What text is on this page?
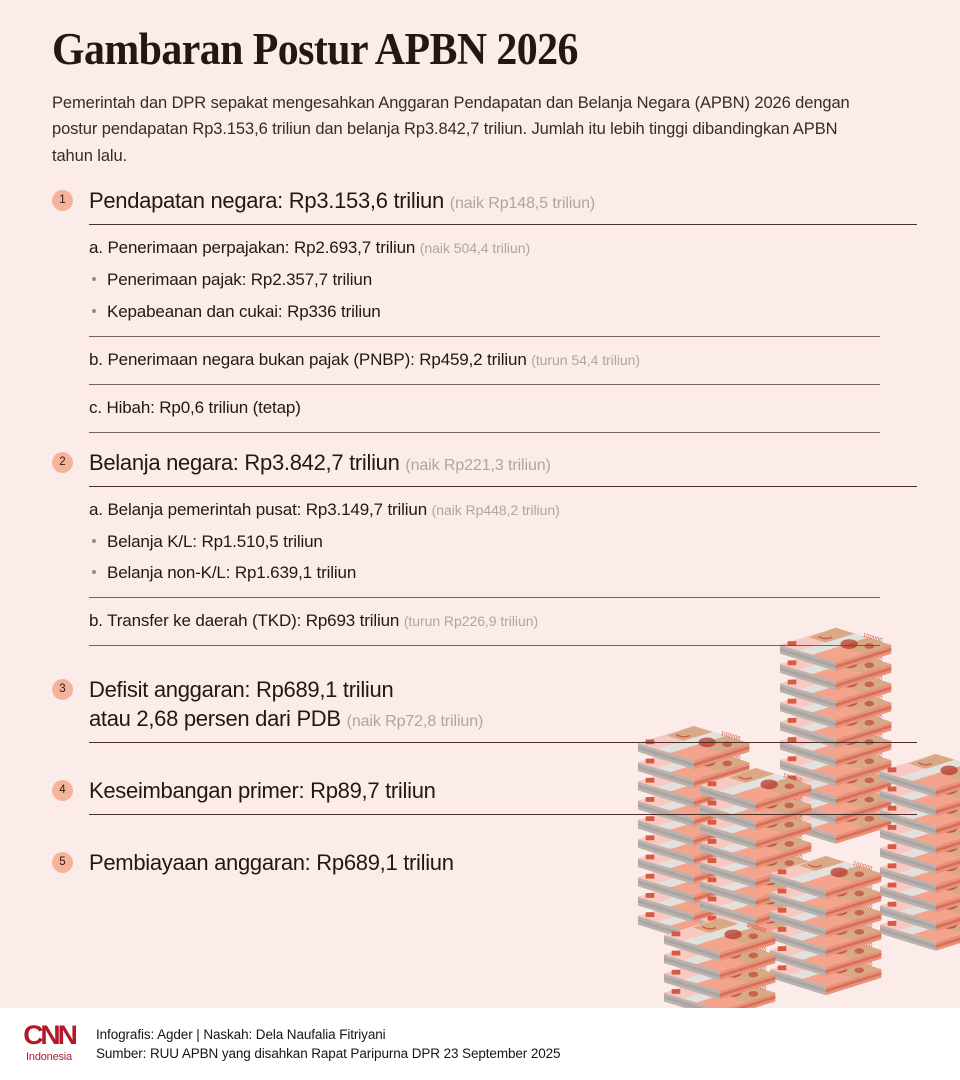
100000
Gambaran Postur APBN 2026

Pemerintah dan DPR sepakat mengesahkan Anggaran Pendapatan dan Belanja Negara (APBN) 2026 dengan postur pendapatan Rp3.153,6 triliun dan belanja Rp3.842,7 triliun. Jumlah itu lebih tinggi dibandingkan APBN tahun lalu.

1	Pendapatan negara: Rp3.153,6 triliun (naik Rp148,5 triliun)
a. Penerimaan perpajakan: Rp2.693,7 triliun (naik 504,4 triliun)
Penerimaan pajak: Rp2.357,7 triliun
Kepabeanan dan cukai: Rp336 triliun
b. Penerimaan negara bukan pajak (PNBP): Rp459,2 triliun (turun 54,4 triliun)
c. Hibah: Rp0,6 triliun (tetap)
2	Belanja negara: Rp3.842,7 triliun (naik Rp221,3 triliun)
a. Belanja pemerintah pusat: Rp3.149,7 triliun (naik Rp448,2 triliun)
Belanja K/L: Rp1.510,5 triliun
Belanja non-K/L: Rp1.639,1 triliun
b. Transfer ke daerah (TKD): Rp693 triliun (turun Rp226,9 triliun)
3	Defisit anggaran: Rp689,1 triliun
atau 2,68 persen dari PDB (naik Rp72,8 triliun)
4	Keseimbangan primer: Rp89,7 triliun
5	Pembiayaan anggaran: Rp689,1 triliun
CNN
Indonesia
Infografis: Agder | Naskah: Dela Naufalia Fitriyani
Sumber: RUU APBN yang disahkan Rapat Paripurna DPR 23 September 2025
